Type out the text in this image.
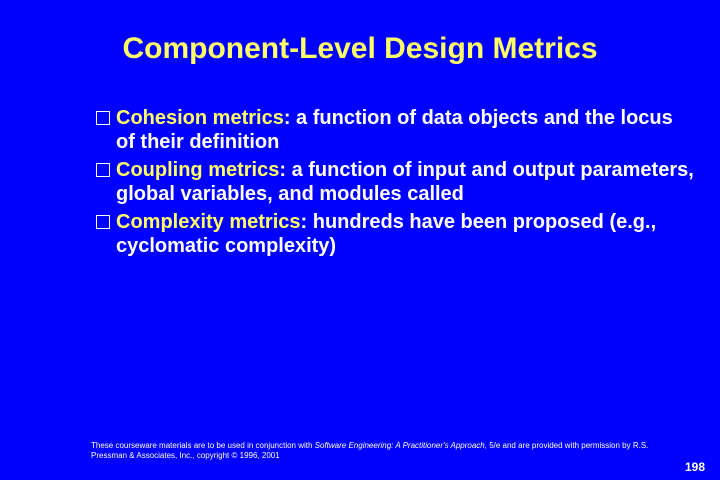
Component-Level Design Metrics
Cohesion metrics: a function of data objects and the locus of their definition
Coupling metrics: a function of input and output parameters, global variables, and modules called
Complexity metrics: hundreds have been proposed (e.g., cyclomatic complexity)
These courseware materials are to be used in conjunction with Software Engineering: A Practitioner's Approach, 5/e and are provided with permission by R.S. Pressman & Associates, Inc., copyright © 1996, 2001
198
